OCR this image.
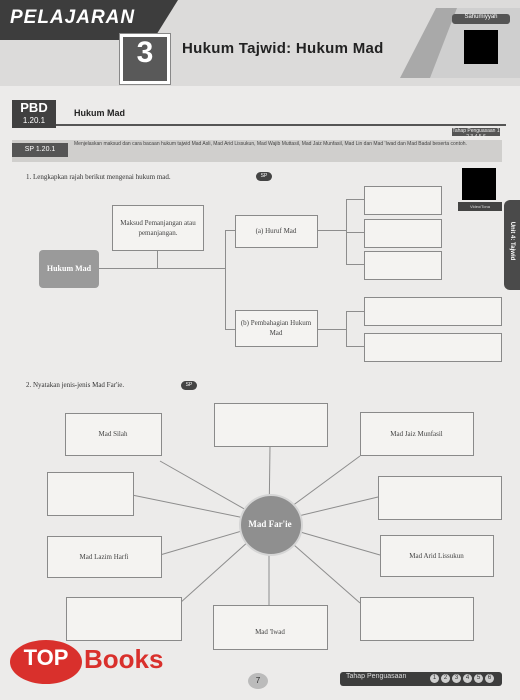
PELAJARAN
3	Hukum Tajwid: Hukum Mad
Sahumiyyah
PBD
1.20.1
Hukum Mad
Tahap Penguasaan 1 2 3 4 5 6
SP 1.20.1
Menjelaskan maksud dan cara bacaan hukum tajwid Mad Asli, Mad Arid Lissukun, Mad Wajib Muttasil, Mad Jaiz Munfasil, Mad Lin dan Mad 'Iwad dan Mad Badal beserta contoh.
1. Lengkapkan rajah berikut mengenai hukum mad.	SP
Video/Tona
Unit 4: Tajwid
Hukum Mad
Maksud Pemanjangan atau pemanjangan.	(a) Huruf Mad
(b) Pembahagian Hukum Mad
2. Nyatakan jenis-jenis Mad Far'ie.	SP
Mad Silah	Mad Jaiz Munfasil
Mad Lazim Harfi	Mad Arid Lissukun
Mad 'Iwad
Mad Far'ie
TOP Books
7	Tahap Penguasaan	1	2	3	4	5	6
